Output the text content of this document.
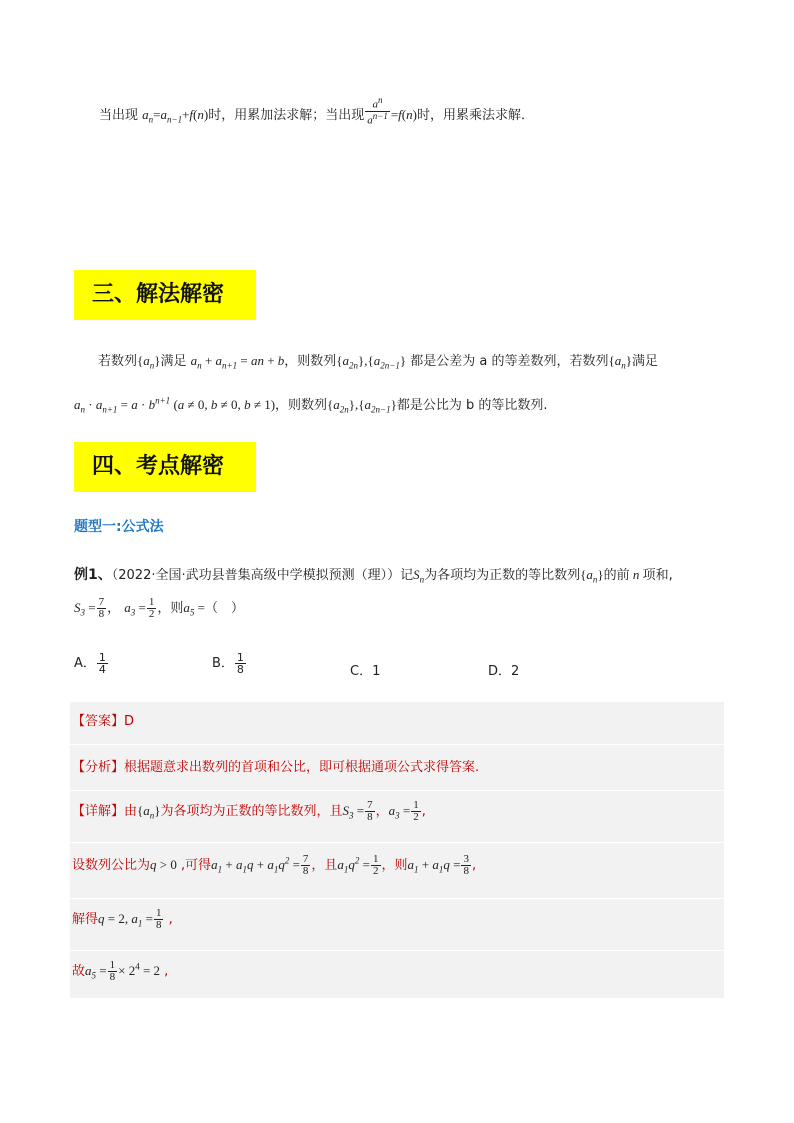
当出现 $a_n=a_{n-1}+f(n)$时，用累加法求解；当出现 $\frac{a^n}{a^{n-1}} =f(n)$时，用累乘法求解．
三、解法解密
若数列$\{a_n\}$满足 $a_n + a_{n+1}$ = an + b，则数列$\{a_{2n}\},\{a_{2n-1}\}$ 都是公差为 a 的等差数列，若数列$\{a_n\}$满足
$a_n \cdot a_{n+1} = a \cdot b^{n+1}$ (a ≠ 0, b ≠ 0, b ≠ 1)，则数列$\{a_{2n}\},\{a_{2n-1}\}$都是公比为 b 的等比数列.
四、考点解密
题型一:公式法
例1、（2022·全国·武功县普集高级中学模拟预测（理））记$S_n$为各项均为正数的等比数列$\{a_n\}$的前 n 项和,
$S_3 = \frac{7}{8}$ ， $a_3 = \frac{1}{2}$ ，则$a_5$ =（　）
A． $\frac{1}{4}$	B． $\frac{1}{8}$	C．1	D．2
【答案】D
【分析】根据题意求出数列的首项和公比，即可根据通项公式求得答案.
【详解】由$\{a_n\}$为各项均为正数的等比数列，且$S_3 = \frac{7}{8}$ ，$a_3 = \frac{1}{2}$ ,
设数列公比为q > 0 ,可得$a_1 + a_1q + a_1q^2 = \frac{7}{8}$ ，且$a_1q^2 = \frac{1}{2}$ ，则$a_1 + a_1q = \frac{3}{8}$ ,
解得q = 2, $a_1 = \frac{1}{8}$ ,
故$a_5 = \frac{1}{8} \times 2^4 = 2$ ,
